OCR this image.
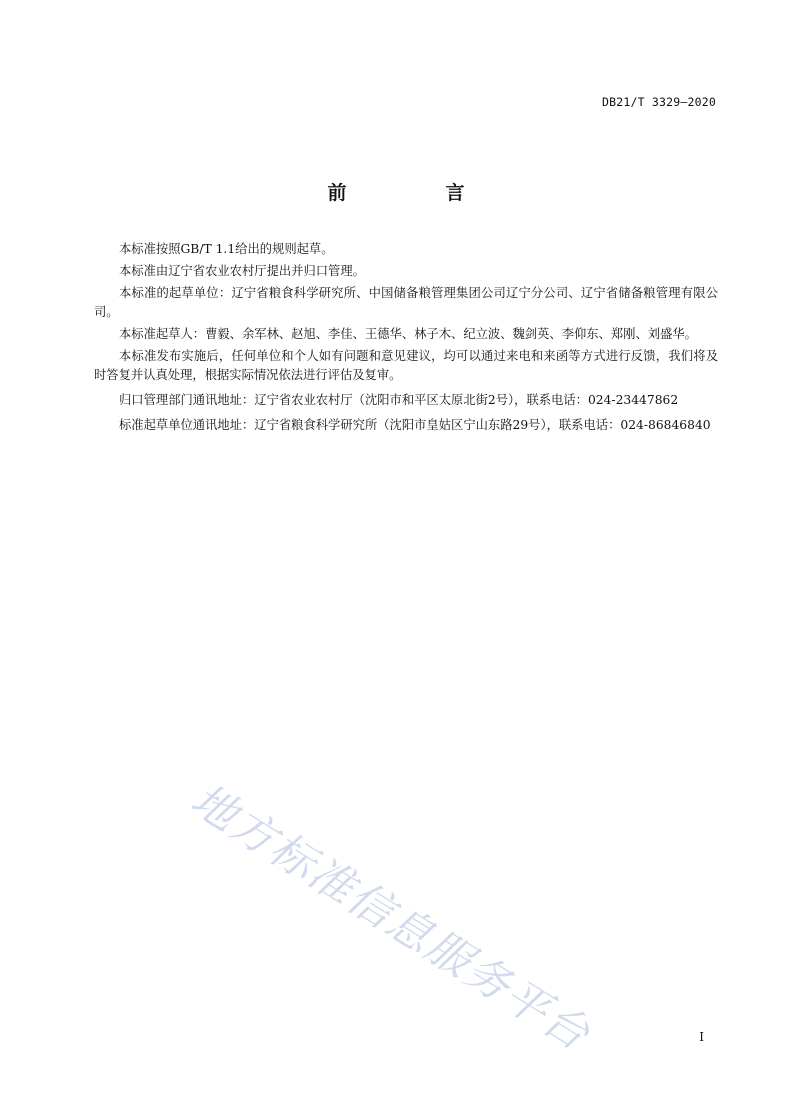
DB21/T 3329—2020
前　言

本标准按照GB/T 1.1给出的规则起草。

本标准由辽宁省农业农村厅提出并归口管理。

本标准的起草单位：辽宁省粮食科学研究所、中国储备粮管理集团公司辽宁分公司、辽宁省储备粮管理有限公司。

本标准起草人：曹毅、余军林、赵旭、李佳、王德华、林子木、纪立波、魏剑英、李仰东、郑刚、刘盛华。

本标准发布实施后，任何单位和个人如有问题和意见建议，均可以通过来电和来函等方式进行反馈，我们将及时答复并认真处理，根据实际情况依法进行评估及复审。

归口管理部门通讯地址：辽宁省农业农村厅（沈阳市和平区太原北街2号），联系电话：024-23447862

标准起草单位通讯地址：辽宁省粮食科学研究所（沈阳市皇姑区宁山东路29号），联系电话：024-86846840

地方标准信息服务平台	I
